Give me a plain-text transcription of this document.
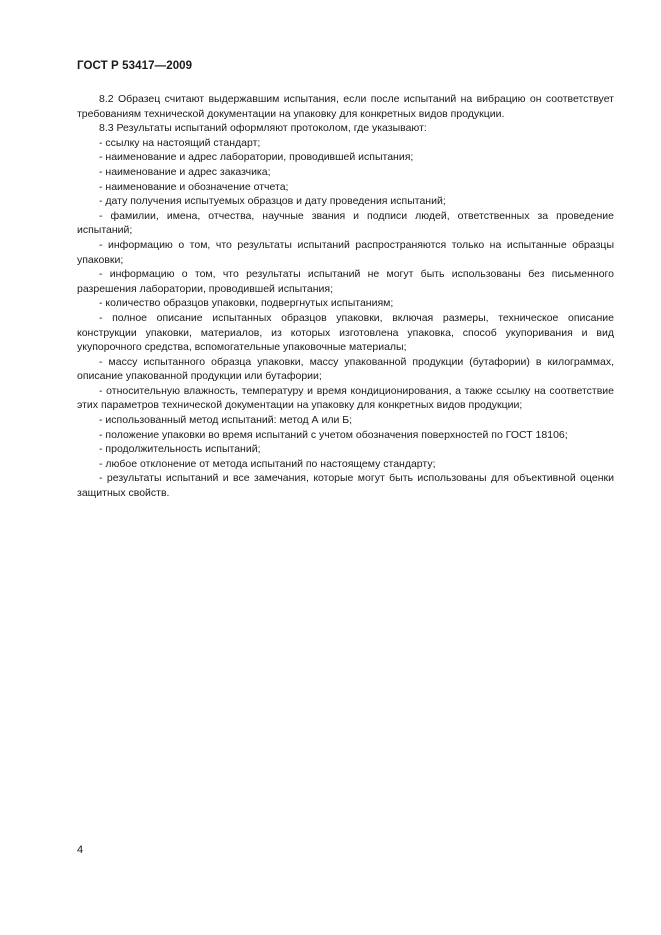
ГОСТ Р 53417—2009

8.2 Образец считают выдержавшим испытания, если после испытаний на вибрацию он соответствует требованиям технической документации на упаковку для конкретных видов продукции.

8.3 Результаты испытаний оформляют протоколом, где указывают:

- ссылку на настоящий стандарт;

- наименование и адрес лаборатории, проводившей испытания;

- наименование и адрес заказчика;

- наименование и обозначение отчета;

- дату получения испытуемых образцов и дату проведения испытаний;

- фамилии, имена, отчества, научные звания и подписи людей, ответственных за проведение испытаний;

- информацию о том, что результаты испытаний распространяются только на испытанные образцы упаковки;

- информацию о том, что результаты испытаний не могут быть использованы без письменного разрешения лаборатории, проводившей испытания;

- количество образцов упаковки, подвергнутых испытаниям;

- полное описание испытанных образцов упаковки, включая размеры, техническое описание конструкции упаковки, материалов, из которых изготовлена упаковка, способ укупоривания и вид укупорочного средства, вспомогательные упаковочные материалы;

- массу испытанного образца упаковки, массу упакованной продукции (бутафории) в килограммах, описание упакованной продукции или бутафории;

- относительную влажность, температуру и время кондиционирования, а также ссылку на соответствие этих параметров технической документации на упаковку для конкретных видов продукции;

- использованный метод испытаний: метод А или Б;

- положение упаковки во время испытаний с учетом обозначения поверхностей по ГОСТ 18106;

- продолжительность испытаний;

- любое отклонение от метода испытаний по настоящему стандарту;

- результаты испытаний и все замечания, которые могут быть использованы для объективной оценки защитных свойств.

4
